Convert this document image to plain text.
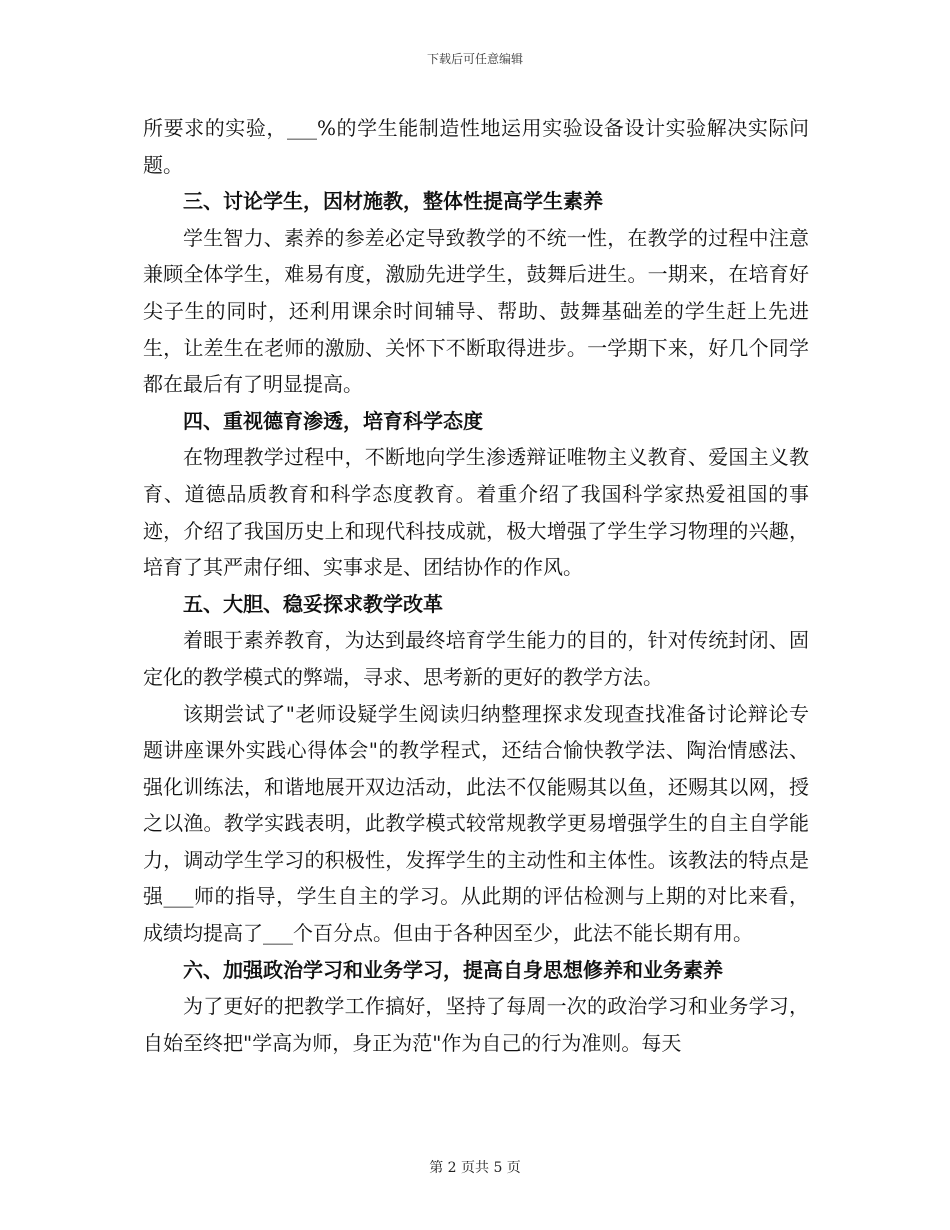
下载后可任意编辑

所要求的实验，___%的学生能制造性地运用实验设备设计实验解决实际问题。

三、讨论学生，因材施教，整体性提高学生素养

学生智力、素养的参差必定导致教学的不统一性，在教学的过程中注意兼顾全体学生，难易有度，激励先进学生，鼓舞后进生。一期来，在培育好尖子生的同时，还利用课余时间辅导、帮助、鼓舞基础差的学生赶上先进生，让差生在老师的激励、关怀下不断取得进步。一学期下来，好几个同学都在最后有了明显提高。

四、重视德育渗透，培育科学态度

在物理教学过程中，不断地向学生渗透辩证唯物主义教育、爱国主义教育、道德品质教育和科学态度教育。着重介绍了我国科学家热爱祖国的事迹，介绍了我国历史上和现代科技成就，极大增强了学生学习物理的兴趣，培育了其严肃仔细、实事求是、团结协作的作风。

五、大胆、稳妥探求教学改革

着眼于素养教育，为达到最终培育学生能力的目的，针对传统封闭、固定化的教学模式的弊端，寻求、思考新的更好的教学方法。

该期尝试了"老师设疑学生阅读归纳整理探求发现查找准备讨论辩论专题讲座课外实践心得体会"的教学程式，还结合愉快教学法、陶治情感法、强化训练法，和谐地展开双边活动，此法不仅能赐其以鱼，还赐其以网，授之以渔。教学实践表明，此教学模式较常规教学更易增强学生的自主自学能力，调动学生学习的积极性，发挥学生的主动性和主体性。该教法的特点是强___师的指导，学生自主的学习。从此期的评估检测与上期的对比来看，成绩均提高了___个百分点。但由于各种因至少，此法不能长期有用。

六、加强政治学习和业务学习，提高自身思想修养和业务素养

为了更好的把教学工作搞好，坚持了每周一次的政治学习和业务学习，自始至终把"学高为师，身正为范"作为自己的行为准则。每天

第 2 页共 5 页
